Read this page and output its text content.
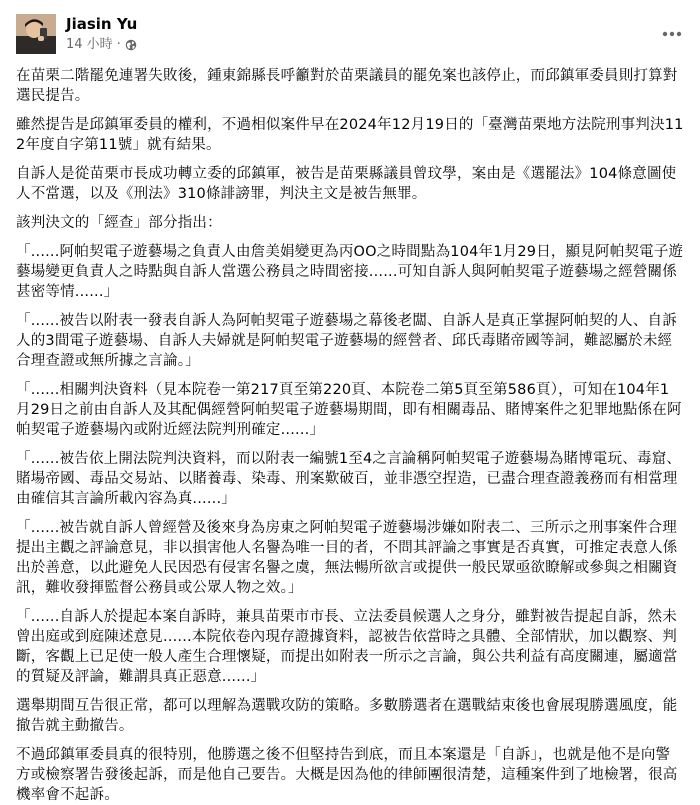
Jiasin Yu
14 小時 ·

在苗栗二階罷免連署失敗後，鍾東錦縣長呼籲對於苗栗議員的罷免案也該停止，而邱鎮軍委員則打算對選民提告。

雖然提告是邱鎮軍委員的權利，不過相似案件早在2024年12月19日的「臺灣苗栗地方法院刑事判決112年度自字第11號」就有結果。

自訴人是從苗栗市長成功轉立委的邱鎮軍，被告是苗栗縣議員曾玟學，案由是《選罷法》104條意圖使人不當選，以及《刑法》310條誹謗罪，判決主文是被告無罪。

該判決文的「經查」部分指出：

「......阿帕契電子遊藝場之負責人由詹美娟變更為丙OO之時間點為104年1月29日，顯見阿帕契電子遊藝場變更負責人之時點與自訴人當選公務員之時間密接......可知自訴人與阿帕契電子遊藝場之經營關係甚密等情......」

「......被告以附表一發表自訴人為阿帕契電子遊藝場之幕後老闆、自訴人是真正掌握阿帕契的人、自訴人的3間電子遊藝場、自訴人夫婦就是阿帕契電子遊藝場的經營者、邱氏毒賭帝國等詞，難認屬於未經合理查證或無所據之言論。」

「......相關判決資料（見本院卷一第217頁至第220頁、本院卷二第5頁至第586頁），可知在104年1月29日之前由自訴人及其配偶經營阿帕契電子遊藝場期間，即有相關毒品、賭博案件之犯罪地點係在阿帕契電子遊藝場內或附近經法院判刑確定......」

「......被告依上開法院判決資料，而以附表一編號1至4之言論稱阿帕契電子遊藝場為賭博電玩、毒窟、賭場帝國、毒品交易站、以賭養毒、染毒、刑案歎破百，並非憑空捏造，已盡合理查證義務而有相當理由確信其言論所載內容為真......」

「......被告就自訴人曾經營及後來身為房東之阿帕契電子遊藝場涉嫌如附表二、三所示之刑事案件合理提出主觀之評論意見，非以損害他人名譽為唯一目的者，不問其評論之事實是否真實，可推定表意人係出於善意，以此避免人民因恐有侵害名譽之虞，無法暢所欲言或提供一般民眾亟欲瞭解或參與之相關資訊，難收發揮監督公務員或公眾人物之效。」

「......自訴人於提起本案自訴時，兼具苗栗市市長、立法委員候選人之身分，雖對被告提起自訴，然未曾出庭或到庭陳述意見......本院依卷內現存證據資料，認被告依當時之具體、全部情狀，加以觀察、判斷，客觀上已足使一般人產生合理懷疑，而提出如附表一所示之言論，與公共利益有高度關連，屬適當的質疑及評論，難謂具真正惡意......」

選舉期間互告很正常，都可以理解為選戰攻防的策略。多數勝選者在選戰結束後也會展現勝選風度，能撤告就主動撤告。

不過邱鎮軍委員真的很特別，他勝選之後不但堅持告到底，而且本案還是「自訴」，也就是他不是向警方或檢察署告發後起訴，而是他自己要告。大概是因為他的律師團很清楚，這種案件到了地檢署，很高機率會不起訴。
